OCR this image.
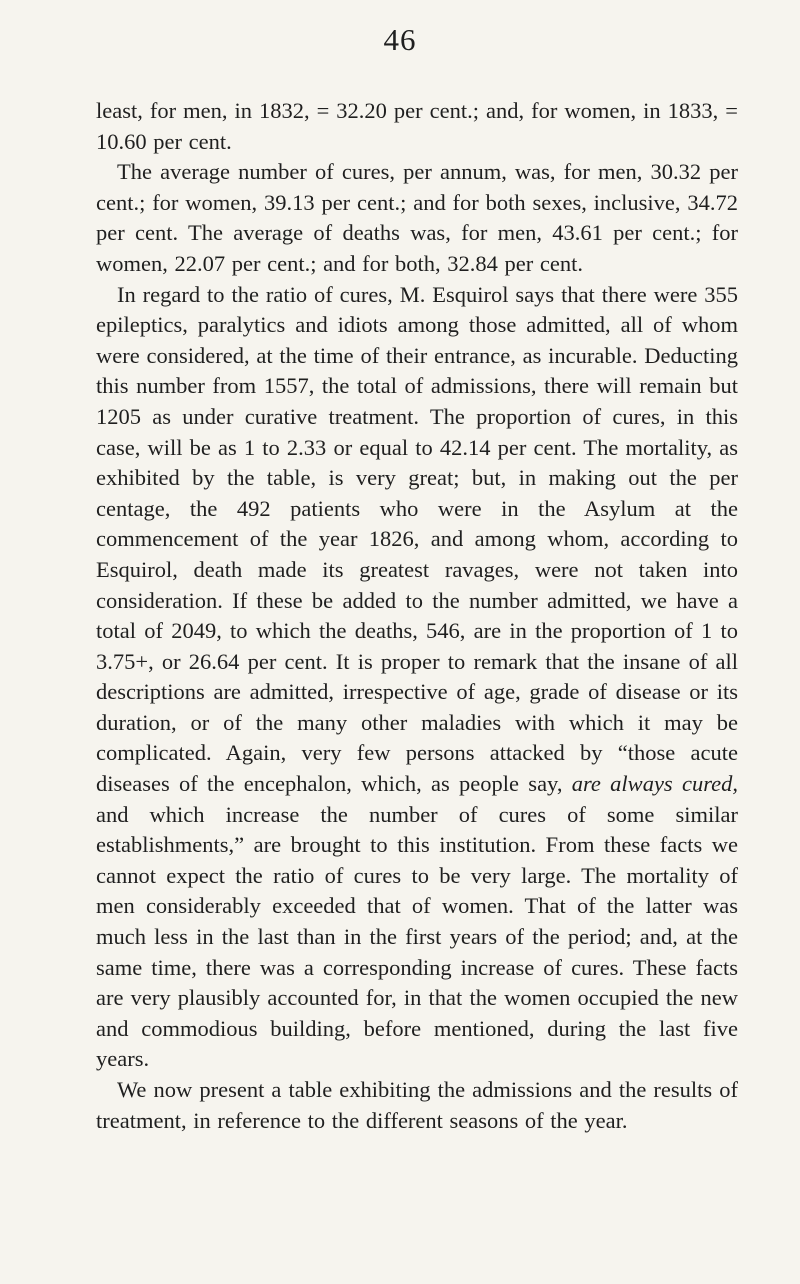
46

least, for men, in 1832, = 32.20 per cent.; and, for women, in 1833, = 10.60 per cent.

The average number of cures, per annum, was, for men, 30.32 per cent.; for women, 39.13 per cent.; and for both sexes, inclusive, 34.72 per cent. The average of deaths was, for men, 43.61 per cent.; for women, 22.07 per cent.; and for both, 32.84 per cent.

In regard to the ratio of cures, M. Esquirol says that there were 355 epileptics, paralytics and idiots among those admitted, all of whom were considered, at the time of their entrance, as incurable. Deducting this number from 1557, the total of admissions, there will remain but 1205 as under curative treatment. The proportion of cures, in this case, will be as 1 to 2.33 or equal to 42.14 per cent. The mortality, as exhibited by the table, is very great; but, in making out the per centage, the 492 patients who were in the Asylum at the commencement of the year 1826, and among whom, according to Esquirol, death made its greatest ravages, were not taken into consideration. If these be added to the number admitted, we have a total of 2049, to which the deaths, 546, are in the proportion of 1 to 3.75+, or 26.64 per cent. It is proper to remark that the insane of all descriptions are admitted, irrespective of age, grade of disease or its duration, or of the many other maladies with which it may be complicated. Again, very few persons attacked by “those acute diseases of the encephalon, which, as people say, are always cured, and which increase the number of cures of some similar establishments,” are brought to this institution. From these facts we cannot expect the ratio of cures to be very large. The mortality of men considerably exceeded that of women. That of the latter was much less in the last than in the first years of the period; and, at the same time, there was a corresponding increase of cures. These facts are very plausibly accounted for, in that the women occupied the new and commodious building, before mentioned, during the last five years.

We now present a table exhibiting the admissions and the results of treatment, in reference to the different seasons of the year.
